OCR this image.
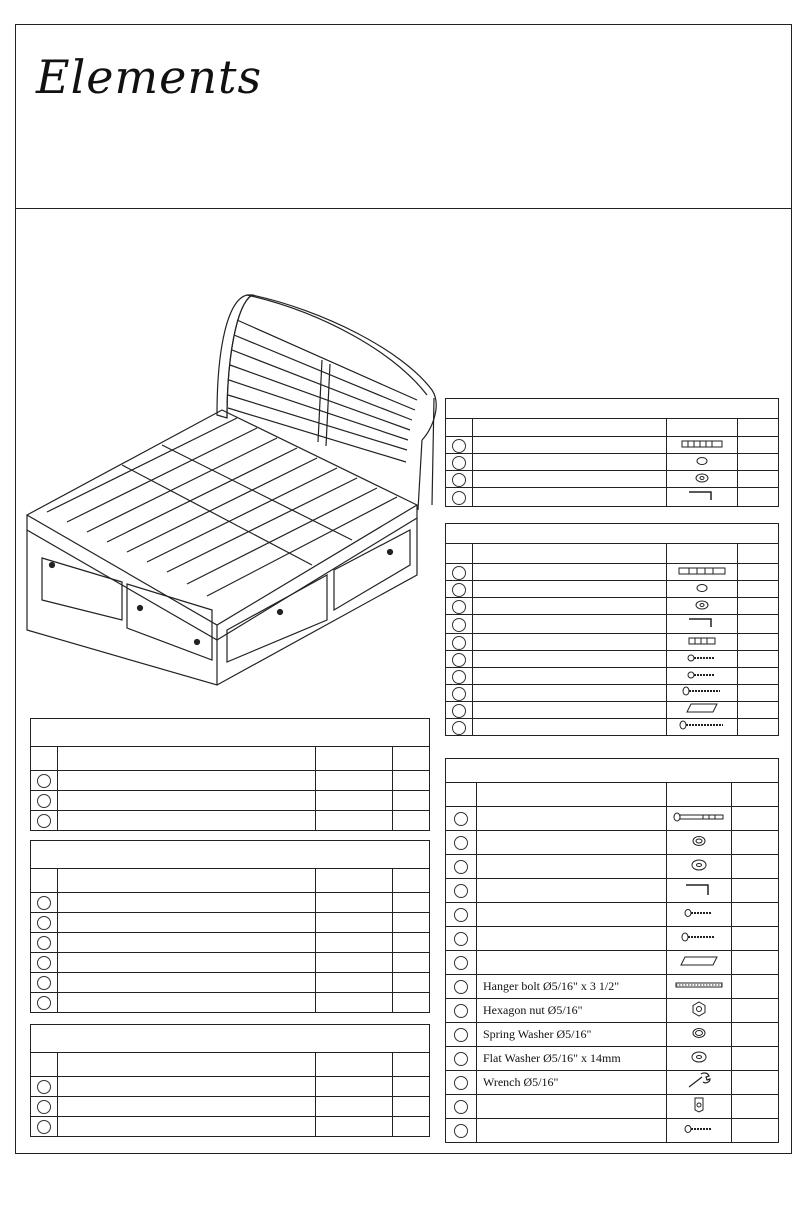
Elements

	Hanger bolt Ø5/16" x 3 1/2"		
	Hexagon nut Ø5/16"		
	Spring Washer Ø5/16"		
	Flat Washer Ø5/16" x 14mm		
	Wrench Ø5/16"		
